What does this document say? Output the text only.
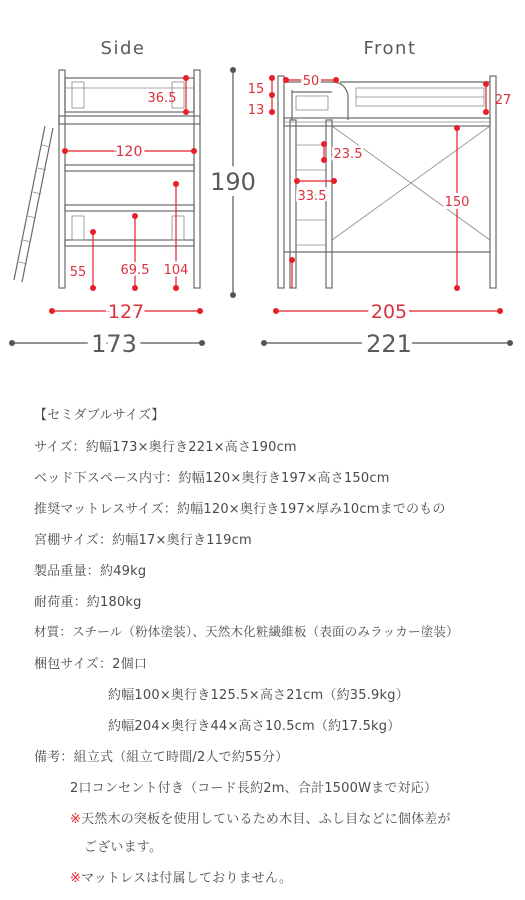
Side	Front
36.5
120
55	69.5 104
127
173
190
15
13
50
27
23.5
33.5	150
205
221
【セミダブルサイズ】
サイズ：約幅173×奥行き221×高さ190cm
ベッド下スペース内寸：約幅120×奥行き197×高さ150cm
推奨マットレスサイズ：約幅120×奥行き197×厚み10cmまでのもの
宮棚サイズ：約幅17×奥行き119cm
製品重量：約49kg
耐荷重：約180kg
材質：スチール（粉体塗装）、天然木化粧繊維板（表面のみラッカー塗装）
梱包サイズ：2個口
約幅100×奥行き125.5×高さ21cm（約35.9kg）
約幅204×奥行き44×高さ10.5cm（約17.5kg）
備考：組立式（組立て時間/2人で約55分）
2口コンセント付き（コード長約2m、合計1500Wまで対応）
※天然木の突板を使用しているため木目、ふし目などに個体差が
ございます。
※マットレスは付属しておりません。
